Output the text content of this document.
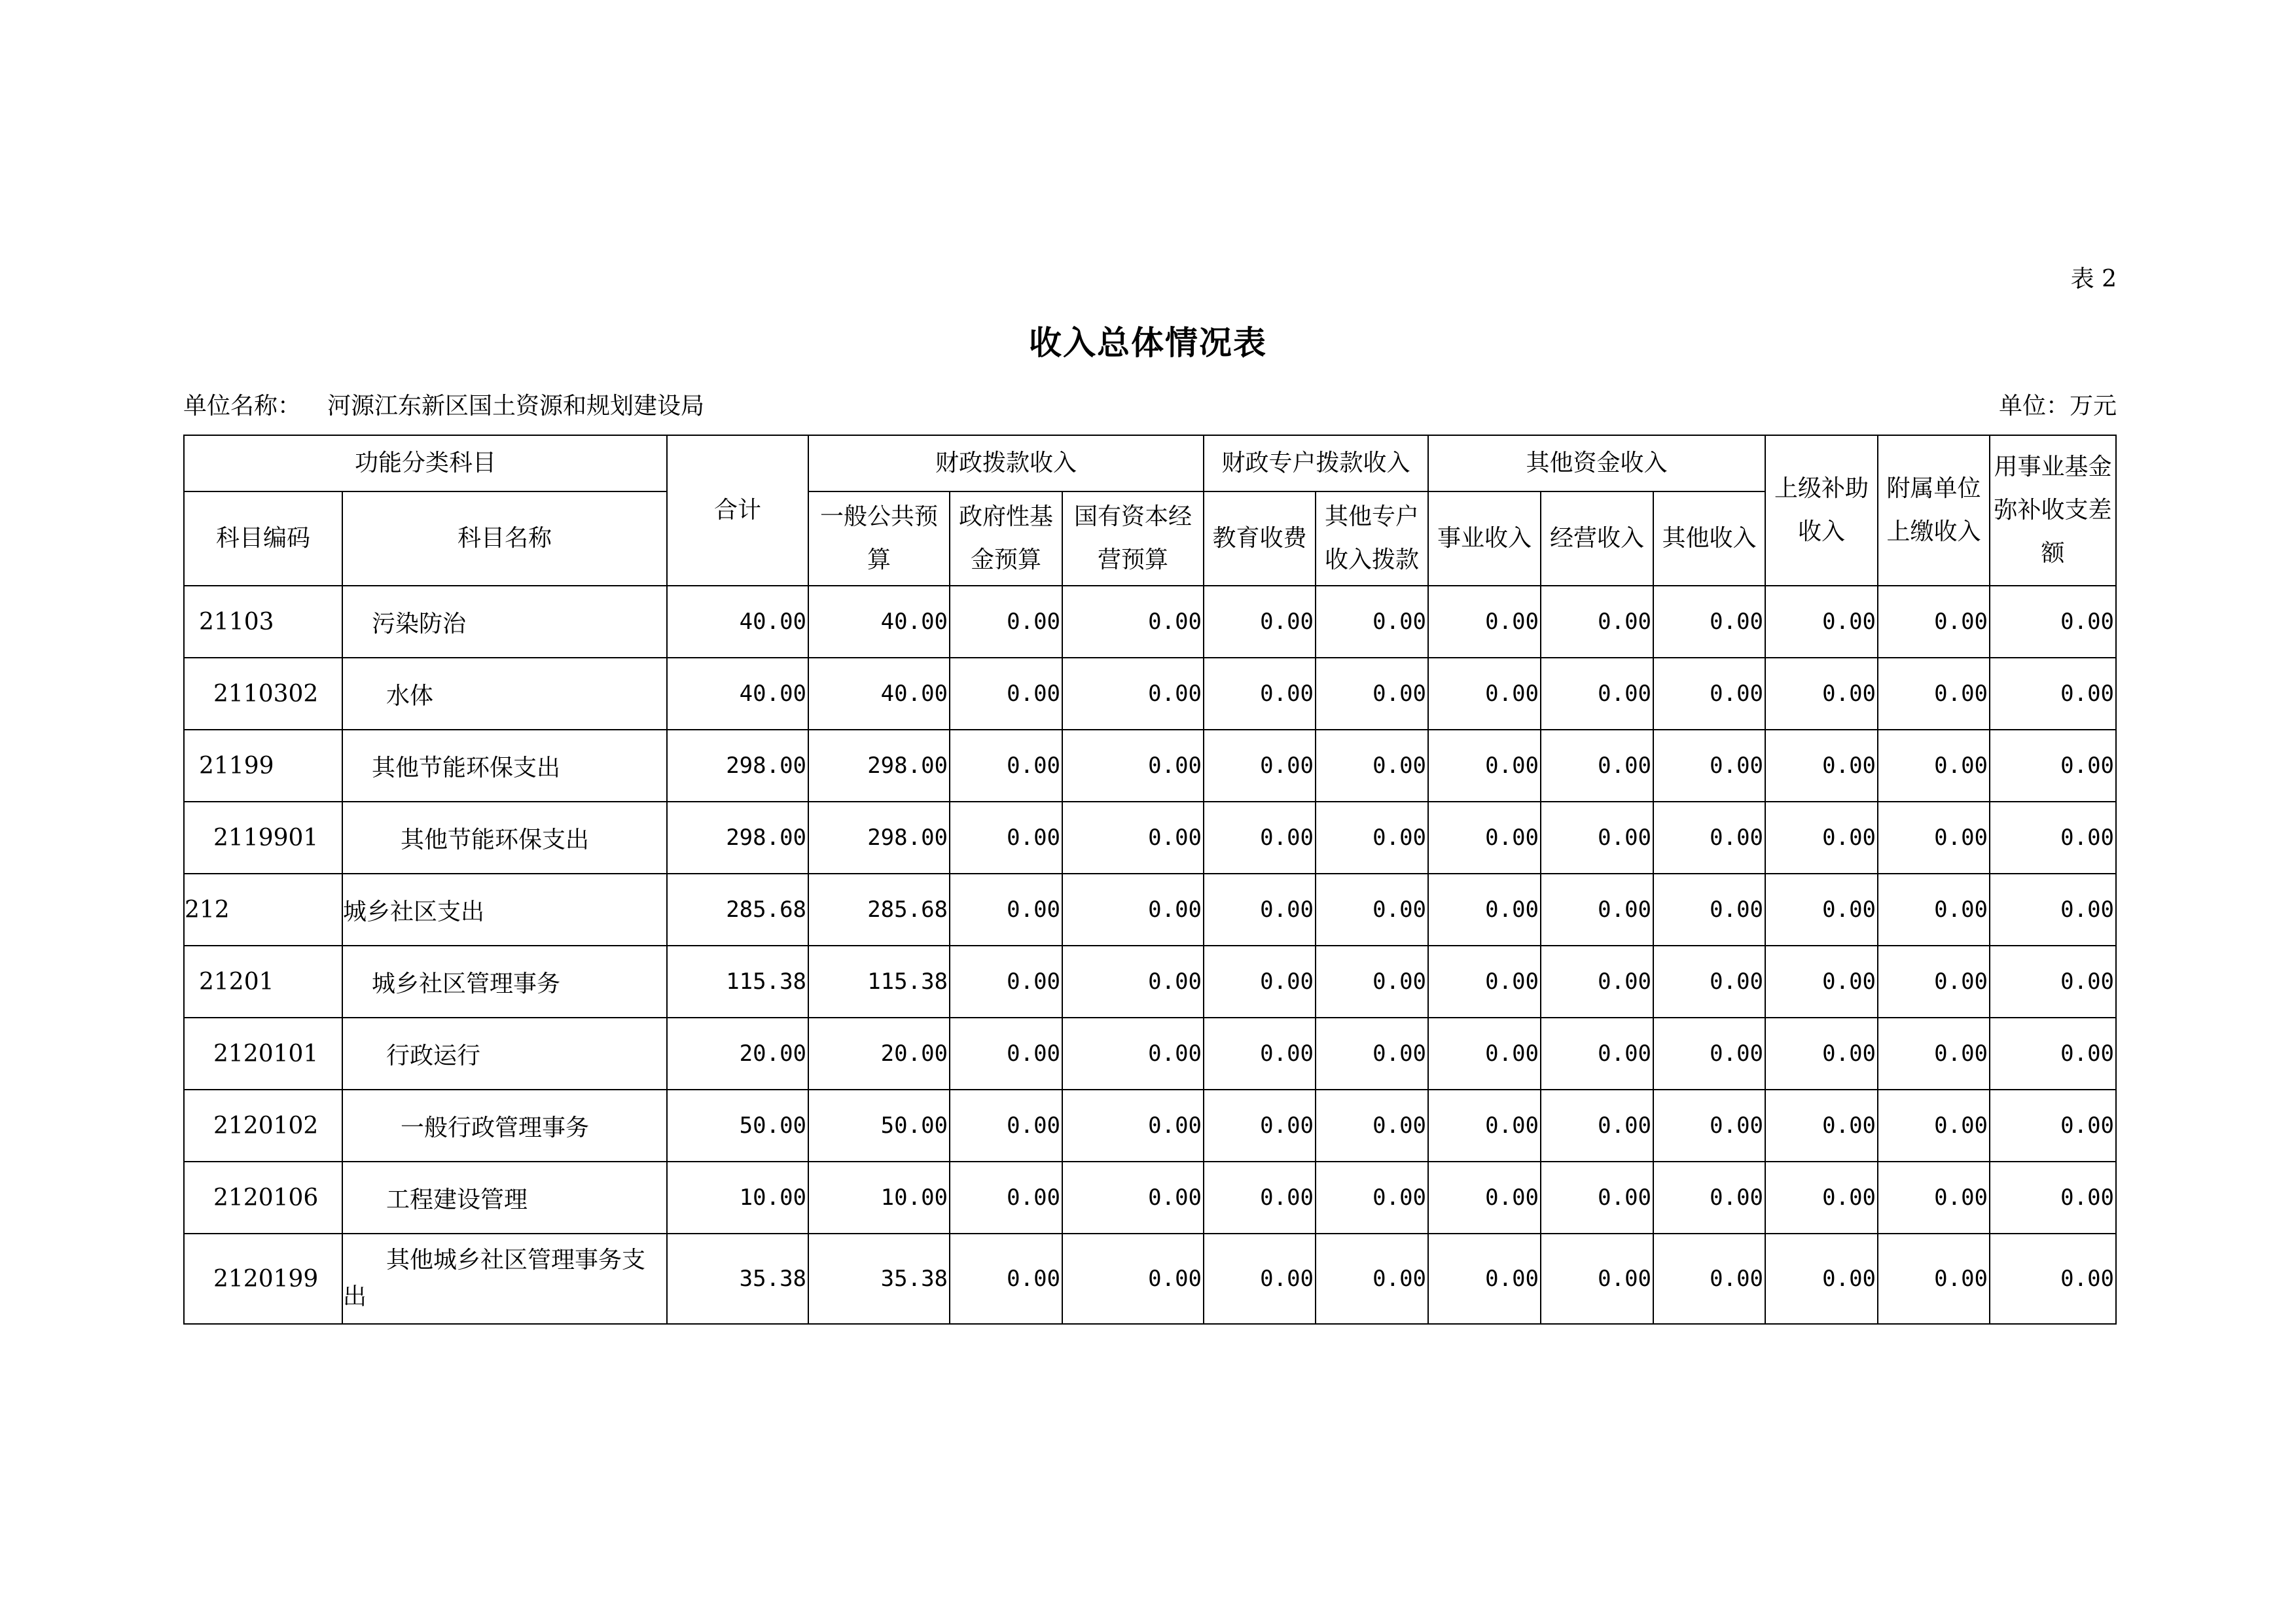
表 2
收入总体情况表
单位名称： 河源江东新区国土资源和规划建设局	单位：万元
功能分类科目		合计	财政拨款收入			财政专户拨款收入		其他资金收入			上级补助收入	附属单位上缴收入	用事业基金弥补收支差额
科目编码	科目名称		一般公共预算	政府性基金预算	国有资本经营预算	教育收费	其他专户收入拨款	事业收入	经营收入	其他收入			
21103	污染防治	40.00	40.00	0.00	0.00	0.00	0.00	0.00	0.00	0.00	0.00	0.00	0.00
2110302	水体	40.00	40.00	0.00	0.00	0.00	0.00	0.00	0.00	0.00	0.00	0.00	0.00
21199	其他节能环保支出	298.00	298.00	0.00	0.00	0.00	0.00	0.00	0.00	0.00	0.00	0.00	0.00
2119901	其他节能环保支出	298.00	298.00	0.00	0.00	0.00	0.00	0.00	0.00	0.00	0.00	0.00	0.00
212	城乡社区支出	285.68	285.68	0.00	0.00	0.00	0.00	0.00	0.00	0.00	0.00	0.00	0.00
21201	城乡社区管理事务	115.38	115.38	0.00	0.00	0.00	0.00	0.00	0.00	0.00	0.00	0.00	0.00
2120101	行政运行	20.00	20.00	0.00	0.00	0.00	0.00	0.00	0.00	0.00	0.00	0.00	0.00
2120102	一般行政管理事务	50.00	50.00	0.00	0.00	0.00	0.00	0.00	0.00	0.00	0.00	0.00	0.00
2120106	工程建设管理	10.00	10.00	0.00	0.00	0.00	0.00	0.00	0.00	0.00	0.00	0.00	0.00
2120199	其他城乡社区管理事务支出	35.38	35.38	0.00	0.00	0.00	0.00	0.00	0.00	0.00	0.00	0.00	0.00
